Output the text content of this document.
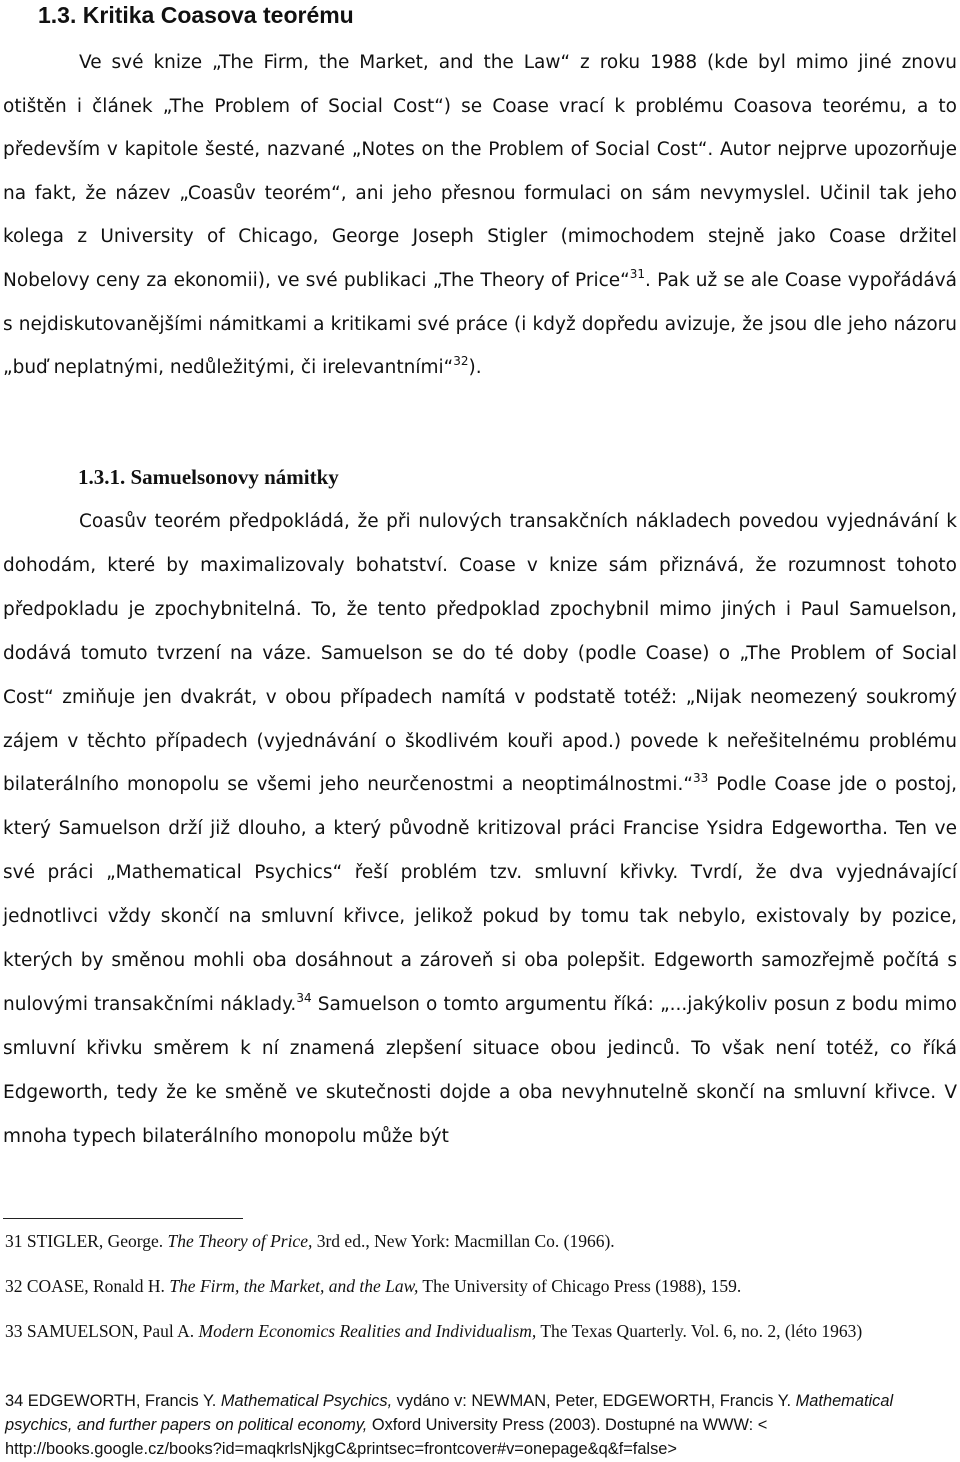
1.3. Kritika Coasova teorému

Ve své knize „The Firm, the Market, and the Law“ z roku 1988 (kde byl mimo jiné znovu otištěn i článek „The Problem of Social Cost“) se Coase vrací k problému Coasova teorému, a to především v kapitole šesté, nazvané „Notes on the Problem of Social Cost“. Autor nejprve upozorňuje na fakt, že název „Coasův teorém“, ani jeho přesnou formulaci on sám nevymyslel. Učinil tak jeho kolega z University of Chicago, George Joseph Stigler (mimochodem stejně jako Coase držitel Nobelovy ceny za ekonomii), ve své publikaci „The Theory of Price“$^{31}$. Pak už se ale Coase vypořádává s nejdiskutovanějšími námitkami a kritikami své práce (i když dopředu avizuje, že jsou dle jeho názoru „buď neplatnými, nedůležitými, či irelevantními“$^{32}$).

1.3.1. Samuelsonovy námitky

Coasův teorém předpokládá, že při nulových transakčních nákladech povedou vyjednávání k dohodám, které by maximalizovaly bohatství. Coase v knize sám přiznává, že rozumnost tohoto předpokladu je zpochybnitelná. To, že tento předpoklad zpochybnil mimo jiných i Paul Samuelson, dodává tomuto tvrzení na váze. Samuelson se do té doby (podle Coase) o „The Problem of Social Cost“ zmiňuje jen dvakrát, v obou případech namítá v podstatě totéž: „Nijak neomezený soukromý zájem v těchto případech (vyjednávání o škodlivém kouři apod.) povede k neřešitelnému problému bilaterálního monopolu se všemi jeho neurčenostmi a neoptimálnostmi.“$^{33}$ Podle Coase jde o postoj, který Samuelson drží již dlouho, a který původně kritizoval práci Francise Ysidra Edgewortha. Ten ve své práci „Mathematical Psychics“ řeší problém tzv. smluvní křivky. Tvrdí, že dva vyjednávající jednotlivci vždy skončí na smluvní křivce, jelikož pokud by tomu tak nebylo, existovaly by pozice, kterých by směnou mohli oba dosáhnout a zároveň si oba polepšit. Edgeworth samozřejmě počítá s nulovými transakčními náklady.$^{34}$ Samuelson o tomto argumentu říká: „...jakýkoliv posun z bodu mimo smluvní křivku směrem k ní znamená zlepšení situace obou jedinců. To však není totéž, co říká Edgeworth, tedy že ke směně ve skutečnosti dojde a oba nevyhnutelně skončí na smluvní křivce. V mnoha typech bilaterálního monopolu může být

31 STIGLER, George. The Theory of Price, 3rd ed., New York: Macmillan Co. (1966).

32 COASE, Ronald H. The Firm, the Market, and the Law, The University of Chicago Press (1988), 159.

33 SAMUELSON, Paul A. Modern Economics Realities and Individualism, The Texas Quarterly. Vol. 6, no. 2, (léto 1963)

34 EDGEWORTH, Francis Y. Mathematical Psychics, vydáno v: NEWMAN, Peter, EDGEWORTH, Francis Y. Mathematical psychics, and further papers on political economy, Oxford University Press (2003). Dostupné na WWW: < http://books.google.cz/books?id=maqkrlsNjkgC&printsec=frontcover#v=onepage&q&f=false>
